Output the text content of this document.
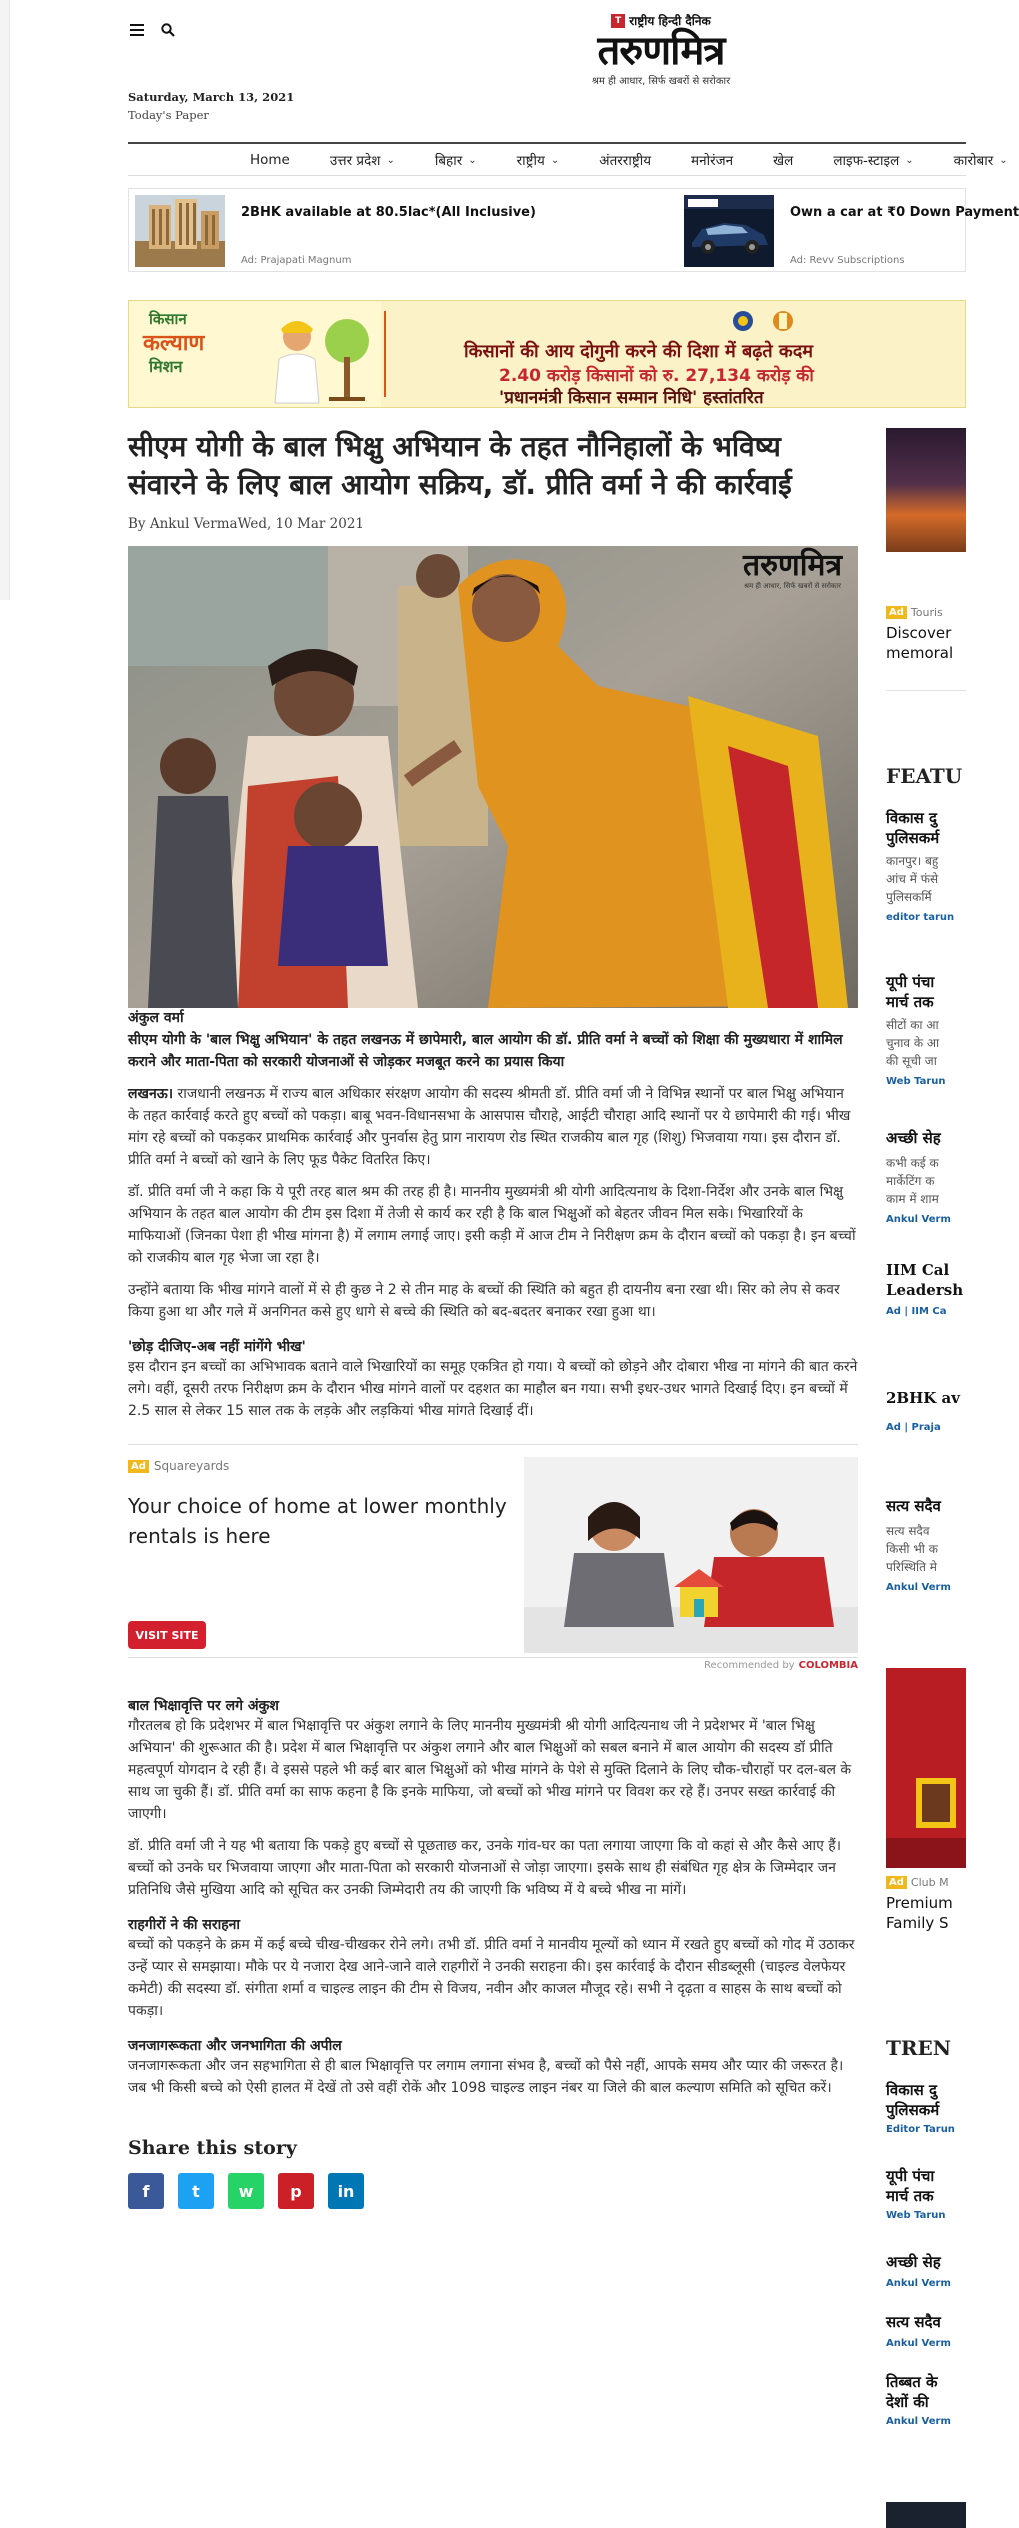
Saturday, March 13, 2021
Today's Paper
T राष्ट्रीय हिन्दी दैनिक
तरुणमित्र
श्रम ही आधार, सिर्फ खबरों से सरोकार
Home	उत्तर प्रदेश ⌄	बिहार ⌄	राष्ट्रीय ⌄	अंतरराष्ट्रीय	मनोरंजन	खेल	लाइफ-स्टाइल ⌄	कारोबार ⌄
2BHK available at 80.5lac*(All Inclusive)
Ad: Prajapati Magnum
Own a car at ₹0 Down Payment
Ad: Revv Subscriptions
किसान
कल्याण
मिशन
किसानों की आय दोगुनी करने की दिशा में बढ़ते कदम
2.40 करोड़ किसानों को रु. 27,134 करोड़ की
'प्रधानमंत्री किसान सम्मान निधि' हस्तांतरित
सीएम योगी के बाल भिक्षु अभियान के तहत नौनिहालों के भविष्य संवारने के लिए बाल आयोग सक्रिय, डॉ. प्रीति वर्मा ने की कार्रवाई
By Ankul VermaWed, 10 Mar 2021
तरुणमित्र
श्रम ही आधार, सिर्फ खबरों से सरोकार
अंकुल वर्मा

सीएम योगी के 'बाल भिक्षु अभियान' के तहत लखनऊ में छापेमारी, बाल आयोग की डॉ. प्रीति वर्मा ने बच्चों को शिक्षा की मुख्यधारा में शामिल कराने और माता-पिता को सरकारी योजनाओं से जोड़कर मजबूत करने का प्रयास किया

लखनऊ। राजधानी लखनऊ में राज्य बाल अधिकार संरक्षण आयोग की सदस्य श्रीमती डॉ. प्रीति वर्मा जी ने विभिन्न स्थानों पर बाल भिक्षु अभियान के तहत कार्रवाई करते हुए बच्चों को पकड़ा। बाबू भवन-विधानसभा के आसपास चौराहे, आईटी चौराहा आदि स्थानों पर ये छापेमारी की गई। भीख मांग रहे बच्चों को पकड़कर प्राथमिक कार्रवाई और पुनर्वास हेतु प्राग नारायण रोड स्थित राजकीय बाल गृह (शिशु) भिजवाया गया। इस दौरान डॉ. प्रीति वर्मा ने बच्चों को खाने के लिए फूड पैकेट वितरित किए।

डॉ. प्रीति वर्मा जी ने कहा कि ये पूरी तरह बाल श्रम की तरह ही है। माननीय मुख्यमंत्री श्री योगी आदित्यनाथ के दिशा-निर्देश और उनके बाल भिक्षु अभियान के तहत बाल आयोग की टीम इस दिशा में तेजी से कार्य कर रही है कि बाल भिक्षुओं को बेहतर जीवन मिल सके। भिखारियों के माफियाओं (जिनका पेशा ही भीख मांगना है) में लगाम लगाई जाए। इसी कड़ी में आज टीम ने निरीक्षण क्रम के दौरान बच्चों को पकड़ा है। इन बच्चों को राजकीय बाल गृह भेजा जा रहा है।

उन्होंने बताया कि भीख मांगने वालों में से ही कुछ ने 2 से तीन माह के बच्चों की स्थिति को बहुत ही दायनीय बना रखा थी। सिर को लेप से कवर किया हुआ था और गले में अनगिनत कसे हुए धागे से बच्चे की स्थिति को बद-बदतर बनाकर रखा हुआ था।

'छोड़ दीजिए-अब नहीं मांगेंगे भीख'

इस दौरान इन बच्चों का अभिभावक बताने वाले भिखारियों का समूह एकत्रित हो गया। ये बच्चों को छोड़ने और दोबारा भीख ना मांगने की बात करने लगे। वहीं, दूसरी तरफ निरीक्षण क्रम के दौरान भीख मांगने वालों पर दहशत का माहौल बन गया। सभी इधर-उधर भागते दिखाई दिए। इन बच्चों में 2.5 साल से लेकर 15 साल तक के लड़के और लड़कियां भीख मांगते दिखाई दीं।

Ad Squareyards
Your choice of home at lower monthly rentals is here
VISIT SITE
Recommended by COLOMBIA
बाल भिक्षावृत्ति पर लगे अंकुश

गौरतलब हो कि प्रदेशभर में बाल भिक्षावृत्ति पर अंकुश लगाने के लिए माननीय मुख्यमंत्री श्री योगी आदित्यनाथ जी ने प्रदेशभर में 'बाल भिक्षु अभियान' की शुरूआत की है। प्रदेश में बाल भिक्षावृत्ति पर अंकुश लगाने और बाल भिक्षुओं को सबल बनाने में बाल आयोग की सदस्य डॉ प्रीति महत्वपूर्ण योगदान दे रही हैं। वे इससे पहले भी कई बार बाल भिक्षुओं को भीख मांगने के पेशे से मुक्ति दिलाने के लिए चौक-चौराहों पर दल-बल के साथ जा चुकी हैं। डॉ. प्रीति वर्मा का साफ कहना है कि इनके माफिया, जो बच्चों को भीख मांगने पर विवश कर रहे हैं। उनपर सख्त कार्रवाई की जाएगी।

डॉ. प्रीति वर्मा जी ने यह भी बताया कि पकड़े हुए बच्चों से पूछताछ कर, उनके गांव-घर का पता लगाया जाएगा कि वो कहां से और कैसे आए हैं। बच्चों को उनके घर भिजवाया जाएगा और माता-पिता को सरकारी योजनाओं से जोड़ा जाएगा। इसके साथ ही संबंधित गृह क्षेत्र के जिम्मेदार जन प्रतिनिधि जैसे मुखिया आदि को सूचित कर उनकी जिम्मेदारी तय की जाएगी कि भविष्य में ये बच्चे भीख ना मांगें।

राहगीरों ने की सराहना

बच्चों को पकड़ने के क्रम में कई बच्चे चीख-चीखकर रोने लगे। तभी डॉ. प्रीति वर्मा ने मानवीय मूल्यों को ध्यान में रखते हुए बच्चों को गोद में उठाकर उन्हें प्यार से समझाया। मौके पर ये नजारा देख आने-जाने वाले राहगीरों ने उनकी सराहना की। इस कार्रवाई के दौरान सीडब्लूसी (चाइल्ड वेलफेयर कमेटी) की सदस्या डॉ. संगीता शर्मा व चाइल्ड लाइन की टीम से विजय, नवीन और काजल मौजूद रहे। सभी ने दृढ़ता व साहस के साथ बच्चों को पकड़ा।

जनजागरूकता और जनभागिता की अपील

जनजागरूकता और जन सहभागिता से ही बाल भिक्षावृत्ति पर लगाम लगाना संभव है, बच्चों को पैसे नहीं, आपके समय और प्यार की जरूरत है। जब भी किसी बच्चे को ऐसी हालत में देखें तो उसे वहीं रोकें और 1098 चाइल्ड लाइन नंबर या जिले की बाल कल्याण समिति को सूचित करें।

Share this story
f	t	w	p	in
Ad Touris
Discover
memoral
FEATU
विकास दु
पुलिसकर्म
कानपुर। बहु
आंच में फंसे
पुलिसकर्मि
editor tarun
यूपी पंचा
मार्च तक
सीटों का आ
चुनाव के आ
की सूची जा
Web Tarun
अच्छी सेह
कभी कई क
मार्केटिंग क
काम में शाम
Ankul Verm
IIM Cal
Leadersh
Ad | IIM Ca
2BHK av
Ad | Praja
सत्य सदैव
सत्य सदैव
किसी भी क
परिस्थिति मे
Ankul Verm
Ad Club M
Premium
Family S
TREN
विकास दु
पुलिसकर्म
Editor Tarun
यूपी पंचा
मार्च तक
Web Tarun
अच्छी सेह
Ankul Verm
सत्य सदैव
Ankul Verm
तिब्बत के
देशों की
Ankul Verm
